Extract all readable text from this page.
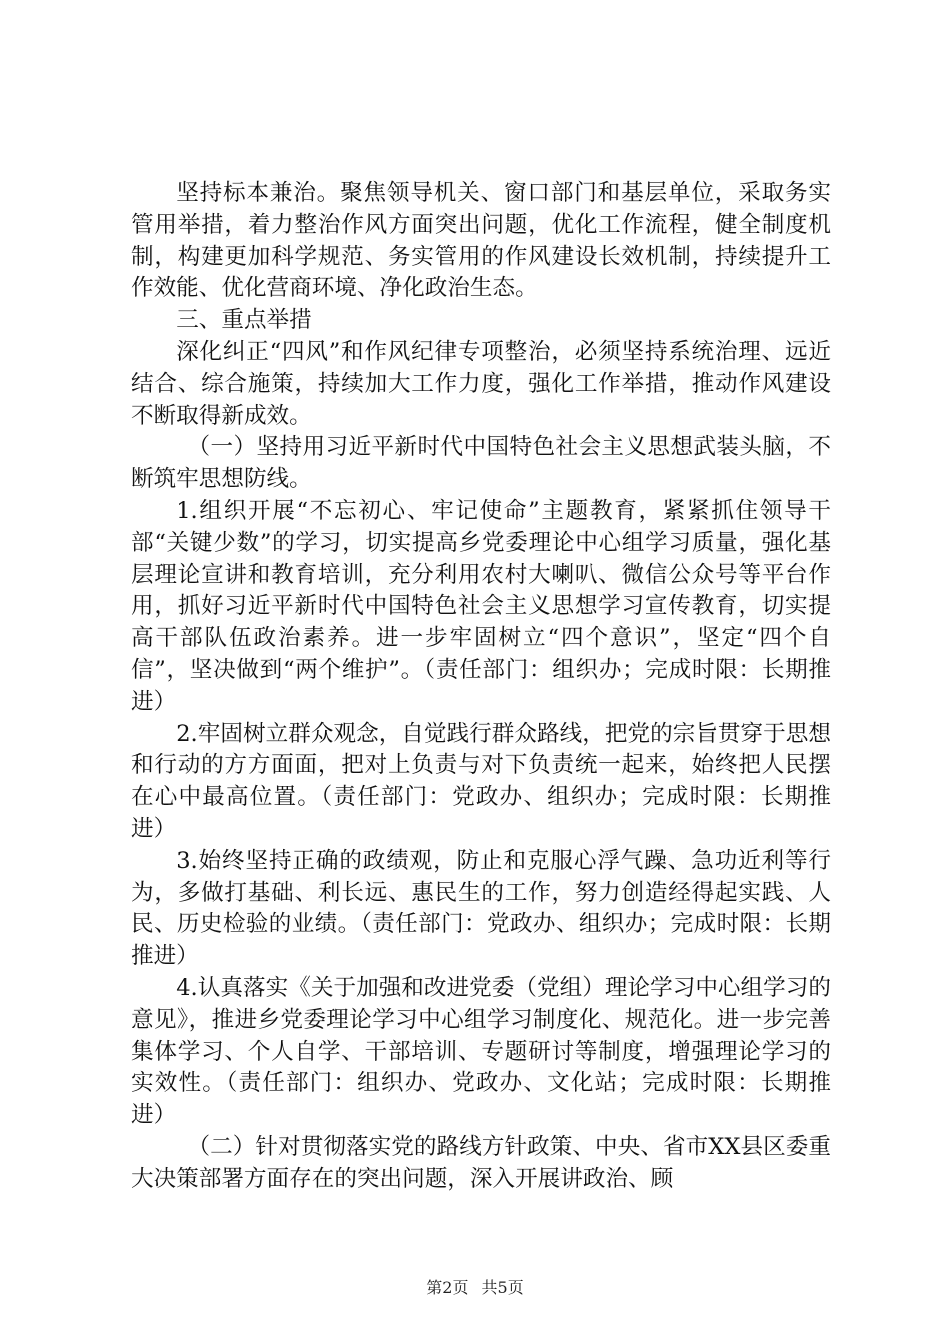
坚持标本兼治。聚焦领导机关、窗口部门和基层单位，采取务实管用举措，着力整治作风方面突出问题，优化工作流程，健全制度机制，构建更加科学规范、务实管用的作风建设长效机制，持续提升工作效能、优化营商环境、净化政治生态。

三、重点举措

深化纠正“四风”和作风纪律专项整治，必须坚持系统治理、远近结合、综合施策，持续加大工作力度，强化工作举措，推动作风建设不断取得新成效。

（一）坚持用习近平新时代中国特色社会主义思想武装头脑，不断筑牢思想防线。

1.组织开展“不忘初心、牢记使命”主题教育，紧紧抓住领导干部“关键少数”的学习，切实提高乡党委理论中心组学习质量，强化基层理论宣讲和教育培训，充分利用农村大喇叭、微信公众号等平台作用，抓好习近平新时代中国特色社会主义思想学习宣传教育，切实提高干部队伍政治素养。进一步牢固树立“四个意识”，坚定“四个自信”，坚决做到“两个维护”。（责任部门：组织办；完成时限：长期推进）

2.牢固树立群众观念，自觉践行群众路线，把党的宗旨贯穿于思想和行动的方方面面，把对上负责与对下负责统一起来，始终把人民摆在心中最高位置。（责任部门：党政办、组织办；完成时限：长期推进）

3.始终坚持正确的政绩观，防止和克服心浮气躁、急功近利等行为，多做打基础、利长远、惠民生的工作，努力创造经得起实践、人民、历史检验的业绩。（责任部门：党政办、组织办；完成时限：长期推进）

4.认真落实《关于加强和改进党委（党组）理论学习中心组学习的意见》，推进乡党委理论学习中心组学习制度化、规范化。进一步完善集体学习、个人自学、干部培训、专题研讨等制度，增强理论学习的实效性。（责任部门：组织办、党政办、文化站；完成时限：长期推进）

（二）针对贯彻落实党的路线方针政策、中央、省市XX县区委重大决策部署方面存在的突出问题，深入开展讲政治、顾

第2页 共5页
